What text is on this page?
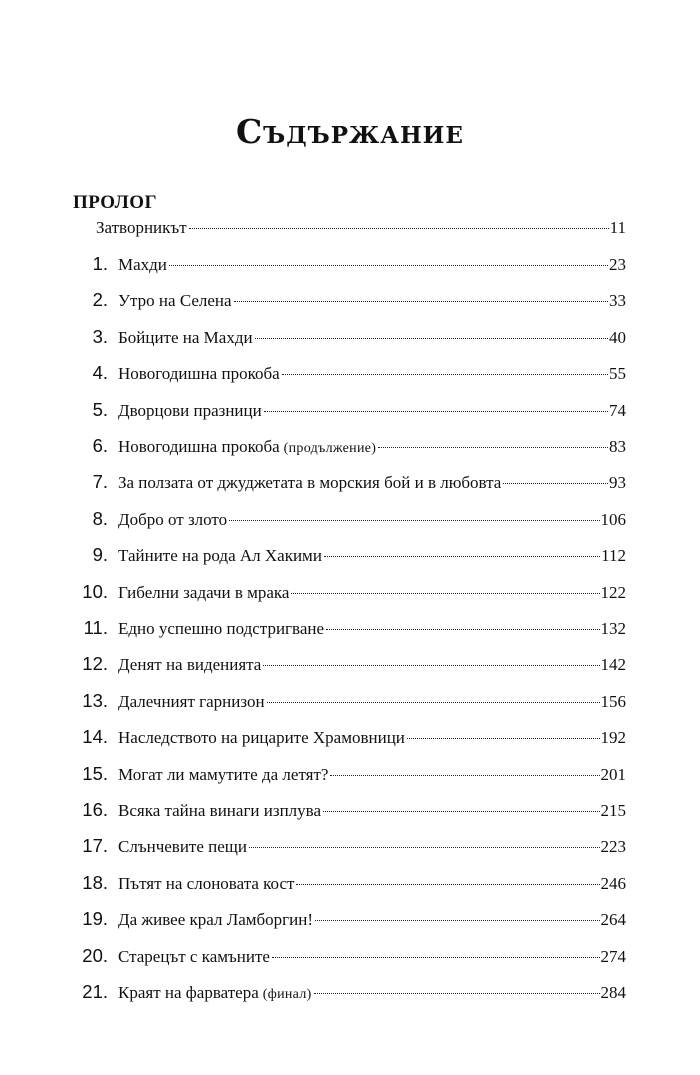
Съдържание
ПРОЛОГ
Затворникът	11
1. Махди	23
2. Утро на Селена	33
3. Бойците на Махди	40
4. Новогодишна прокоба	55
5. Дворцови празници	74
6. Новогодишна прокоба (продължение)	83
7. За ползата от джуджетата в морския бой и в любовта	93
8. Добро от злото	106
9. Тайните на рода Ал Хакими	112
10. Гибелни задачи в мрака	122
11. Едно успешно подстригване	132
12. Денят на виденията	142
13. Далечният гарнизон	156
14. Наследството на рицарите Храмовници	192
15. Могат ли мамутите да летят?	201
16. Всяка тайна винаги изплува	215
17. Слънчевите пещи	223
18. Пътят на слоновата кост	246
19. Да живее крал Ламборгин!	264
20. Старецът с камъните	274
21. Краят на фарватера (финал)	284
